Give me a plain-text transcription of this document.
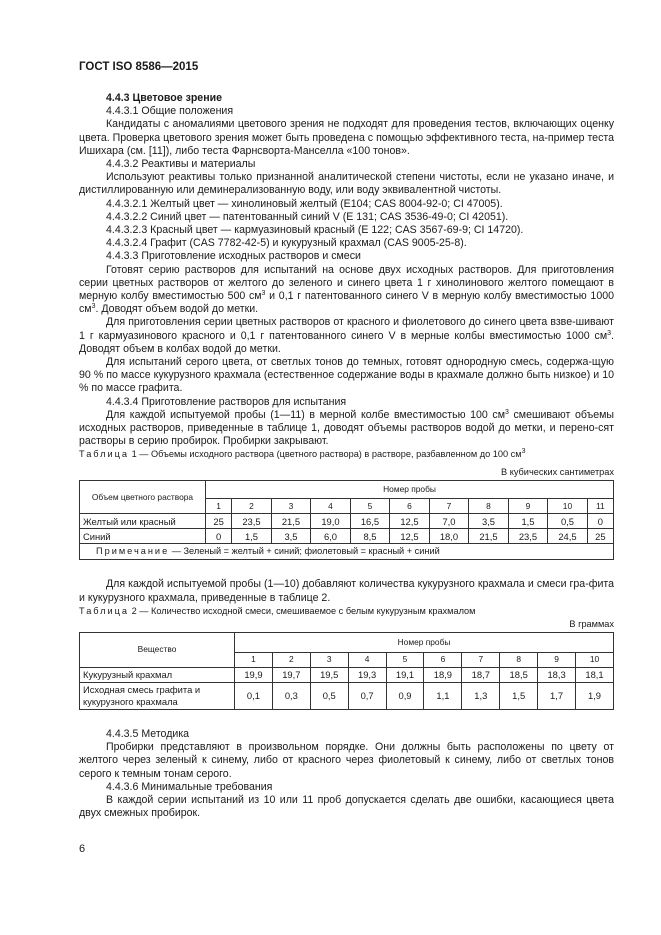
ГОСТ ISO 8586—2015

4.4.3 Цветовое зрение

4.4.3.1 Общие положения

Кандидаты с аномалиями цветового зрения не подходят для проведения тестов, включающих оценку цвета. Проверка цветового зрения может быть проведена с помощью эффективного теста, на-пример теста Ишихара (см. [11]), либо теста Фарнсворта-Манселла «100 тонов».

4.4.3.2 Реактивы и материалы

Используют реактивы только признанной аналитической степени чистоты, если не указано иначе, и дистиллированную или деминерализованную воду, или воду эквивалентной чистоты.

4.4.3.2.1 Желтый цвет — хинолиновый желтый (E104; CAS 8004-92-0; CI 47005).

4.4.3.2.2 Синий цвет — патентованный синий V (E 131; CAS 3536-49-0; CI 42051).

4.4.3.2.3 Красный цвет — кармуазиновый красный (E 122; CAS 3567-69-9; CI 14720).

4.4.3.2.4 Графит (CAS 7782-42-5) и кукурузный крахмал (CAS 9005-25-8).

4.4.3.3 Приготовление исходных растворов и смеси

Готовят серию растворов для испытаний на основе двух исходных растворов. Для приготовления серии цветных растворов от желтого до зеленого и синего цвета 1 г хинолинового желтого помещают в мерную колбу вместимостью 500 $см^3$ и 0,1 г патентованного синего V в мерную колбу вместимостью 1000 $см^3$. Доводят объем водой до метки.

Для приготовления серии цветных растворов от красного и фиолетового до синего цвета взве-шивают 1 г кармуазинового красного и 0,1 г патентованного синего V в мерные колбы вместимостью 1000 $см^3$. Доводят объем в колбах водой до метки.

Для испытаний серого цвета, от светлых тонов до темных, готовят однородную смесь, содержа-щую 90 % по массе кукурузного крахмала (естественное содержание воды в крахмале должно быть низкое) и 10 % по массе графита.

4.4.3.4 Приготовление растворов для испытания

Для каждой испытуемой пробы (1—11) в мерной колбе вместимостью 100 $см^3$ смешивают объемы исходных растворов, приведенные в таблице 1, доводят объемы растворов водой до метки, и перено-сят растворы в серию пробирок. Пробирки закрывают.

Таблица 1 — Объемы исходного раствора (цветного раствора) в растворе, разбавленном до 100 $см^3$

В кубических сантиметрах

Объем цветного раствора	Номер пробы										
	1	2	3	4	5	6	7	8	9	10	11
Желтый или красный	25	23,5	21,5	19,0	16,5	12,5	7,0	3,5	1,5	0,5	0
Синий	0	1,5	3,5	6,0	8,5	12,5	18,0	21,5	23,5	24,5	25
Примечание — Зеленый = желтый + синий; фиолетовый = красный + синий											

Для каждой испытуемой пробы (1—10) добавляют количества кукурузного крахмала и смеси гра-фита и кукурузного крахмала, приведенные в таблице 2.

Таблица 2 — Количество исходной смеси, смешиваемое с белым кукурузным крахмалом

В граммах

Вещество	Номер пробы									
	1	2	3	4	5	6	7	8	9	10
Кукурузный крахмал	19,9	19,7	19,5	19,3	19,1	18,9	18,7	18,5	18,3	18,1
Исходная смесь графита и кукурузного крахмала	0,1	0,3	0,5	0,7	0,9	1,1	1,3	1,5	1,7	1,9

4.4.3.5 Методика

Пробирки представляют в произвольном порядке. Они должны быть расположены по цвету от желтого через зеленый к синему, либо от красного через фиолетовый к синему, либо от светлых тонов серого к темным тонам серого.

4.4.3.6 Минимальные требования

В каждой серии испытаний из 10 или 11 проб допускается сделать две ошибки, касающиеся цвета двух смежных пробирок.

6
